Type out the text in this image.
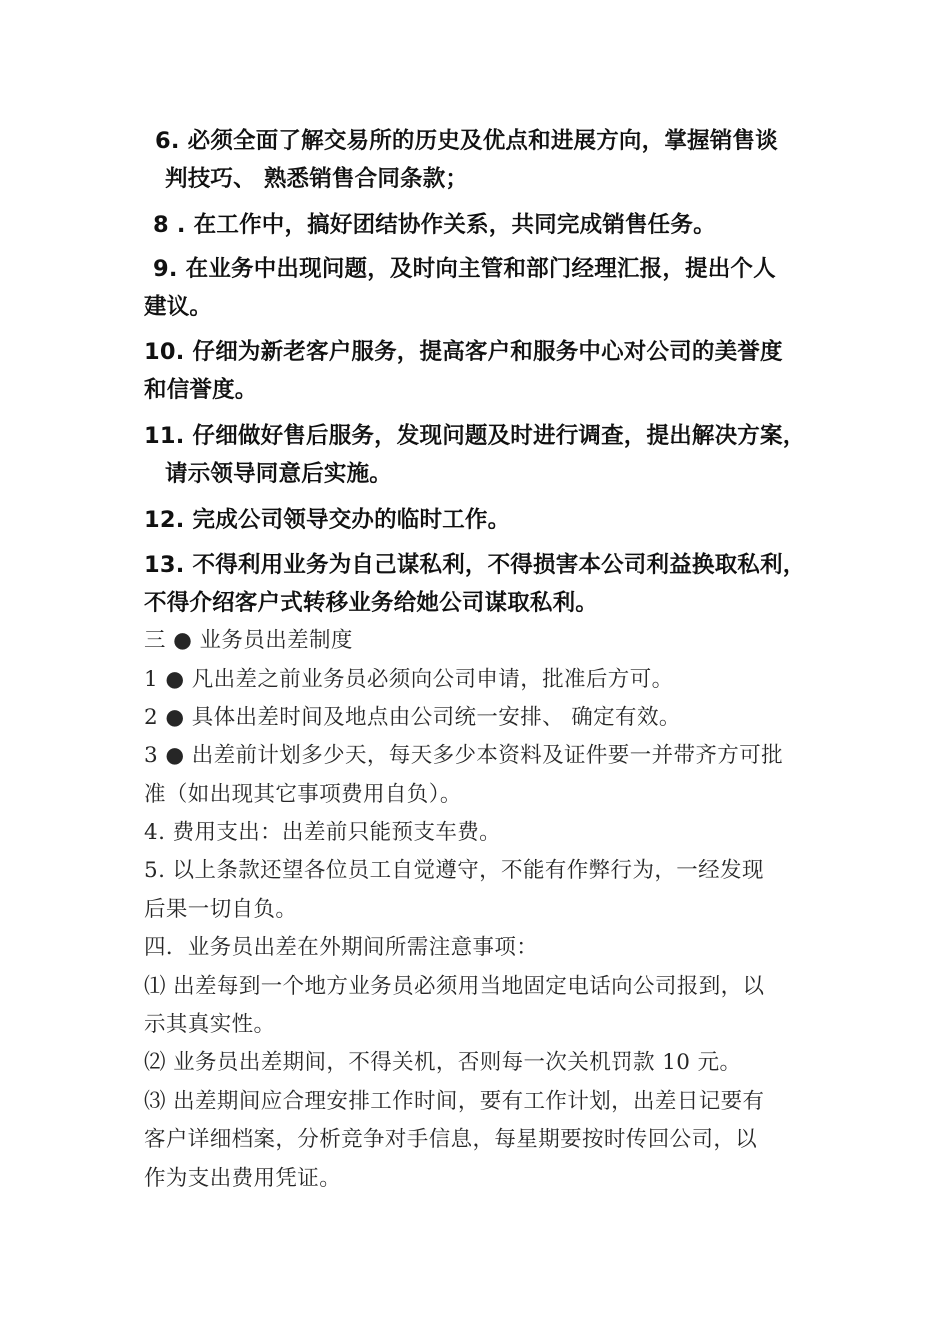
6. 必须全面了解交易所的历史及优点和进展方向，掌握销售谈

判技巧、 熟悉销售合同条款；

8 . 在工作中，搞好团结协作关系，共同完成销售任务。

9. 在业务中出现问题，及时向主管和部门经理汇报，提出个人

建议。

10. 仔细为新老客户服务，提高客户和服务中心对公司的美誉度

和信誉度。

11. 仔细做好售后服务，发现问题及时进行调查，提出解决方案，

请示领导同意后实施。

12. 完成公司领导交办的临时工作。

13. 不得利用业务为自己谋私利，不得损害本公司利益换取私利，

不得介绍客户式转移业务给她公司谋取私利。

三 ● 业务员出差制度

1 ● 凡出差之前业务员必须向公司申请，批准后方可。

2 ● 具体出差时间及地点由公司统一安排、 确定有效。

3 ● 出差前计划多少天，每天多少本资料及证件要一并带齐方可批

准（如出现其它事项费用自负）。

4. 费用支出：出差前只能预支车费。

5. 以上条款还望各位员工自觉遵守，不能有作弊行为，一经发现

后果一切自负。

四．业务员出差在外期间所需注意事项：

⑴ 出差每到一个地方业务员必须用当地固定电话向公司报到，以

示其真实性。

⑵ 业务员出差期间，不得关机，否则每一次关机罚款 10 元。

⑶ 出差期间应合理安排工作时间，要有工作计划，出差日记要有

客户详细档案，分析竞争对手信息，每星期要按时传回公司，以

作为支出费用凭证。
